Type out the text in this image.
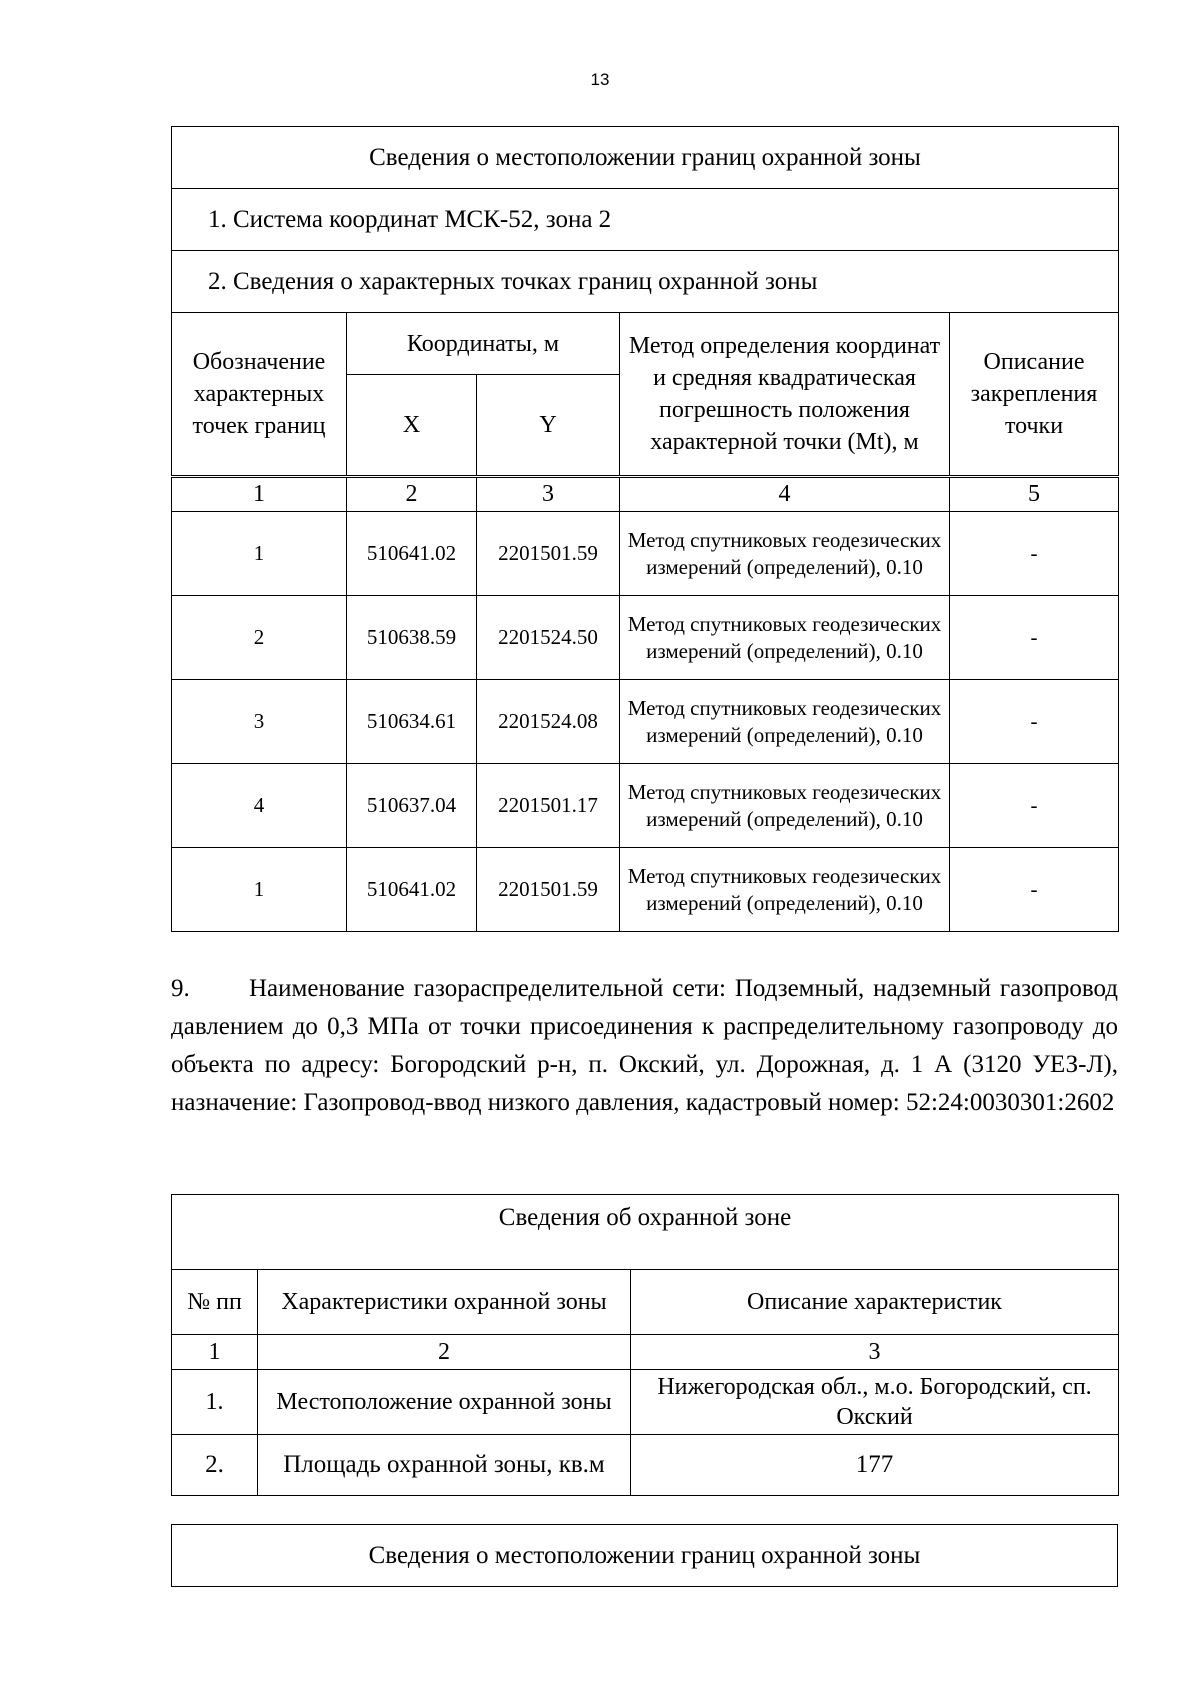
13
Сведения о местоположении границ охранной зоны				
1. Система координат МСК-52, зона 2				
2. Сведения о характерных точках границ охранной зоны				
Обозначение характерных точек границ	Координаты, м		Метод определения координат и средняя квадратическая погрешность положения характерной точки (Mt), м	Описание закрепления точки
	X	Y		
1	2	3	4	5
1	510641.02	2201501.59	Метод спутниковых геодезических измерений (определений), 0.10	-
2	510638.59	2201524.50	Метод спутниковых геодезических измерений (определений), 0.10	-
3	510634.61	2201524.08	Метод спутниковых геодезических измерений (определений), 0.10	-
4	510637.04	2201501.17	Метод спутниковых геодезических измерений (определений), 0.10	-
1	510641.02	2201501.59	Метод спутниковых геодезических измерений (определений), 0.10	-
9. Наименование газораспределительной сети: Подземный, надземный газопровод давлением до 0,3 МПа от точки присоединения к распределительному газопроводу до объекта по адресу: Богородский р-н, п. Окский, ул. Дорожная, д. 1 А (3120 УЕЗ-Л), назначение: Газопровод-ввод низкого давления, кадастровый номер: 52:24:0030301:2602
Сведения об охранной зоне		
№ пп	Характеристики охранной зоны	Описание характеристик
1	2	3
1.	Местоположение охранной зоны	Нижегородская обл., м.о. Богородский, сп. Окский
2.	Площадь охранной зоны, кв.м	177
Сведения о местоположении границ охранной зоны
